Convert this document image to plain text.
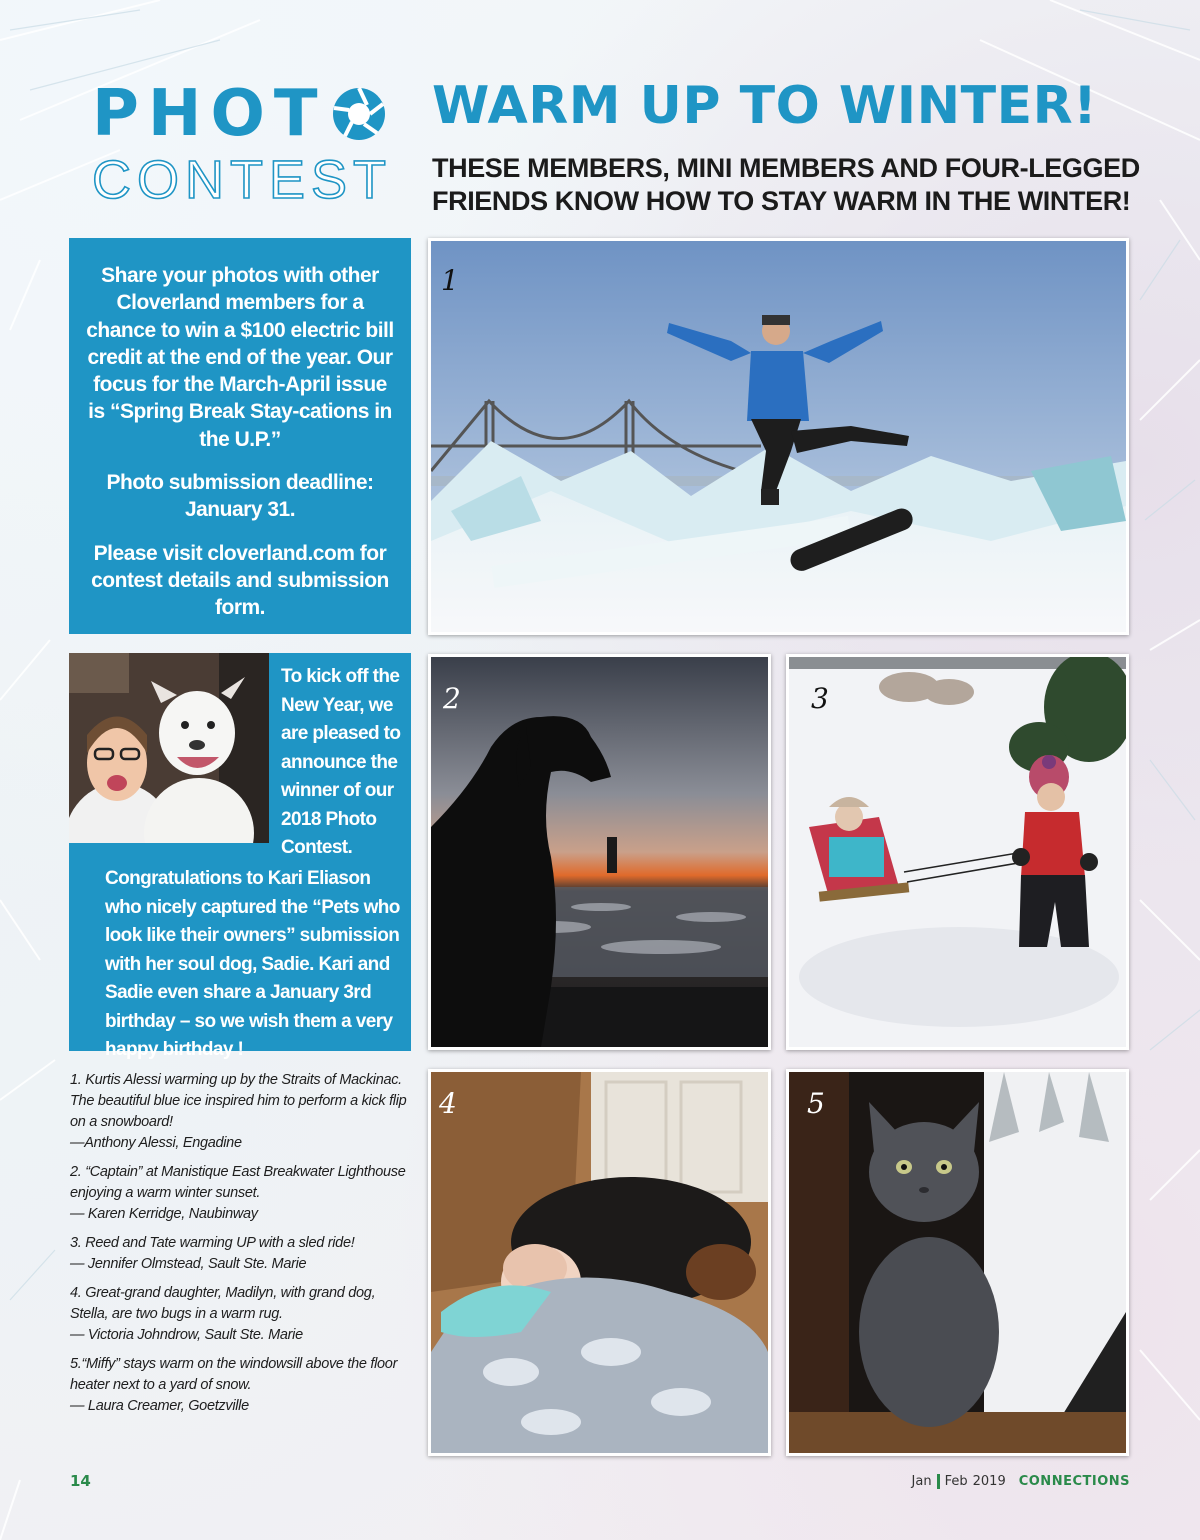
PHOT
CONTEST
WARM UP TO WINTER!
THESE MEMBERS, MINI MEMBERS AND FOUR-LEGGED
FRIENDS KNOW HOW TO STAY WARM IN THE WINTER!

Share your photos with other Cloverland members for a chance to win a $100 electric bill credit at the end of the year. Our focus for the March-April issue is “Spring Break Stay-cations in the U.P.”

Photo submission deadline: January 31.

Please visit cloverland.com for contest details and submission form.

To kick off the New Year, we are pleased to announce the winner of our 2018 Photo Contest.
Congratulations to Kari Eliason who nicely captured the “Pets who look like their owners” submission with her soul dog, Sadie. Kari and Sadie even share a January 3rd birthday – so we wish them a very happy birthday !
1
2	3
4	5
1. Kurtis Alessi warming up by the Straits of Mackinac. The beautiful blue ice inspired him to perform a kick flip on a snowboard!
—Anthony Alessi, Engadine
2. “Captain” at Manistique East Breakwater Lighthouse enjoying a warm winter sunset.
— Karen Kerridge, Naubinway
3. Reed and Tate warming UP with a sled ride!
— Jennifer Olmstead, Sault Ste. Marie
4. Great-grand daughter, Madilyn, with grand dog, Stella, are two bugs in a warm rug.
— Victoria Johndrow, Sault Ste. Marie
5.“Miffy” stays warm on the windowsill above the floor heater next to a yard of snow.
— Laura Creamer, Goetzville
14	Jan Feb 2019 CONNECTIONS
